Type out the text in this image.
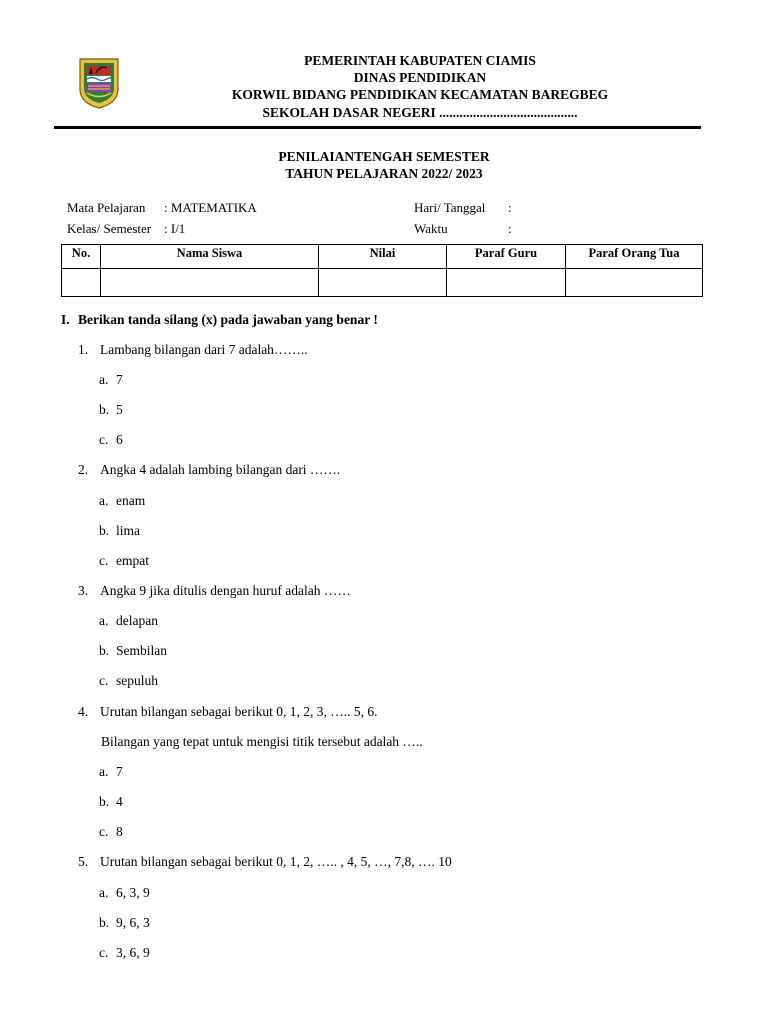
PEMERINTAH KABUPATEN CIAMIS
DINAS PENDIDIKAN
KORWIL BIDANG PENDIDIKAN KECAMATAN BAREGBEG
SEKOLAH DASAR NEGERI .........................................
PENILAIANTENGAH SEMESTER
TAHUN PELAJARAN 2022/ 2023
Mata Pelajaran : MATEMATIKA
Kelas/ Semester : I/1
Hari/ Tanggal :
Waktu	:
No.	Nama Siswa	Nilai	Paraf Guru	Paraf Orang Tua

I. Berikan tanda silang (x) pada jawaban yang benar !
1. Lambang bilangan dari 7 adalah……..
a. 7
b. 5
c. 6
2. Angka 4 adalah lambing bilangan dari …….
a. enam
b. lima
c. empat
3. Angka 9 jika ditulis dengan huruf adalah ……
a. delapan
b. Sembilan
c. sepuluh
4. Urutan bilangan sebagai berikut 0, 1, 2, 3, ….. 5, 6.
Bilangan yang tepat untuk mengisi titik tersebut adalah …..
a. 7
b. 4
c. 8
5. Urutan bilangan sebagai berikut 0, 1, 2, ….. , 4, 5, …, 7,8, …. 10
a. 6, 3, 9
b. 9, 6, 3
c. 3, 6, 9
